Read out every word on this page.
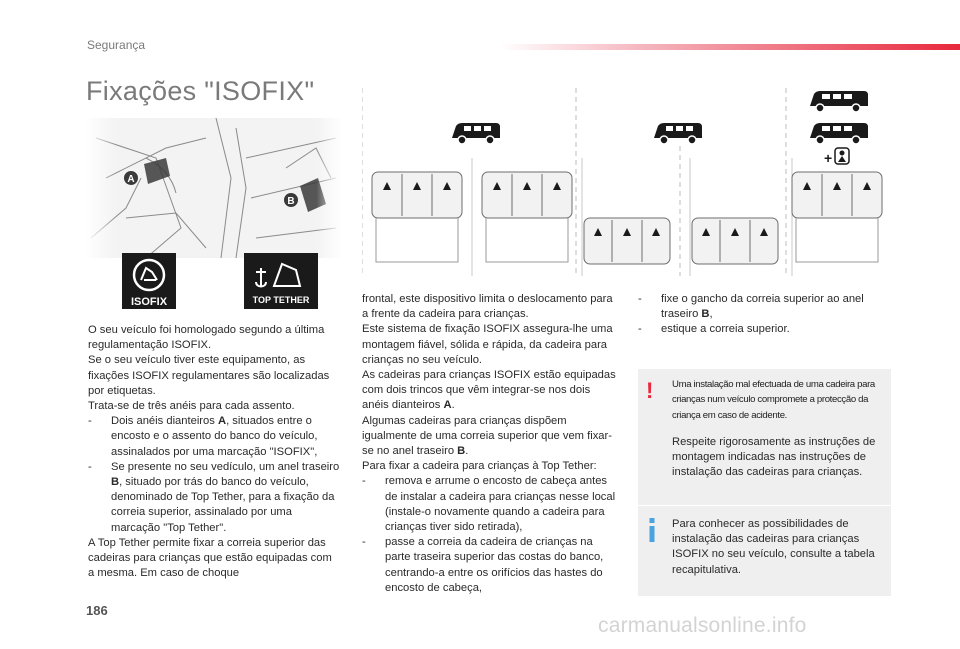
Segurança
Fixações "ISOFIX"
ISOFIX	TOP TETHER
+

O seu veículo foi homologado segundo a última regulamentação ISOFIX.

Se o seu veículo tiver este equipamento, as fixações ISOFIX regulamentares são localizadas por etiquetas.

Trata-se de três anéis para cada assento.

- Dois anéis dianteiros A, situados entre o encosto e o assento do banco do veículo, assinalados por uma marcação "ISOFIX",
- Se presente no seu vedículo, um anel traseiro B, situado por trás do banco do veículo, denominado de Top Tether, para a fixação da correia superior, assinalado por uma marcação "Top Tether".

A Top Tether permite fixar a correia superior das cadeiras para crianças que estão equipadas com a mesma. Em caso de choque

frontal, este dispositivo limita o deslocamento para a frente da cadeira para crianças.

Este sistema de fixação ISOFIX assegura-lhe uma montagem fiável, sólida e rápida, da cadeira para crianças no seu veículo.

As cadeiras para crianças ISOFIX estão equipadas com dois trincos que vêm integrar-se nos dois anéis dianteiros A.

Algumas cadeiras para crianças dispõem igualmente de uma correia superior que vem fixar-se no anel traseiro B.

Para fixar a cadeira para crianças à Top Tether:

- remova e arrume o encosto de cabeça antes de instalar a cadeira para crianças nesse local (instale-o novamente quando a cadeira para crianças tiver sido retirada),
- passe a correia da cadeira de crianças na parte traseira superior das costas do banco, centrando-a entre os orifícios das hastes do encosto de cabeça,
- fixe o gancho da correia superior ao anel traseiro B,
- estique a correia superior.
! Uma instalação mal efectuada de uma cadeira para crianças num veículo compromete a protecção da criança em caso de acidente.
Respeite rigorosamente as instruções de montagem indicadas nas instruções de instalação das cadeiras para crianças.
Para conhecer as possibilidades de instalação das cadeiras para crianças ISOFIX no seu veículo, consulte a tabela recapitulativa.
186
carmanualsonline.info
